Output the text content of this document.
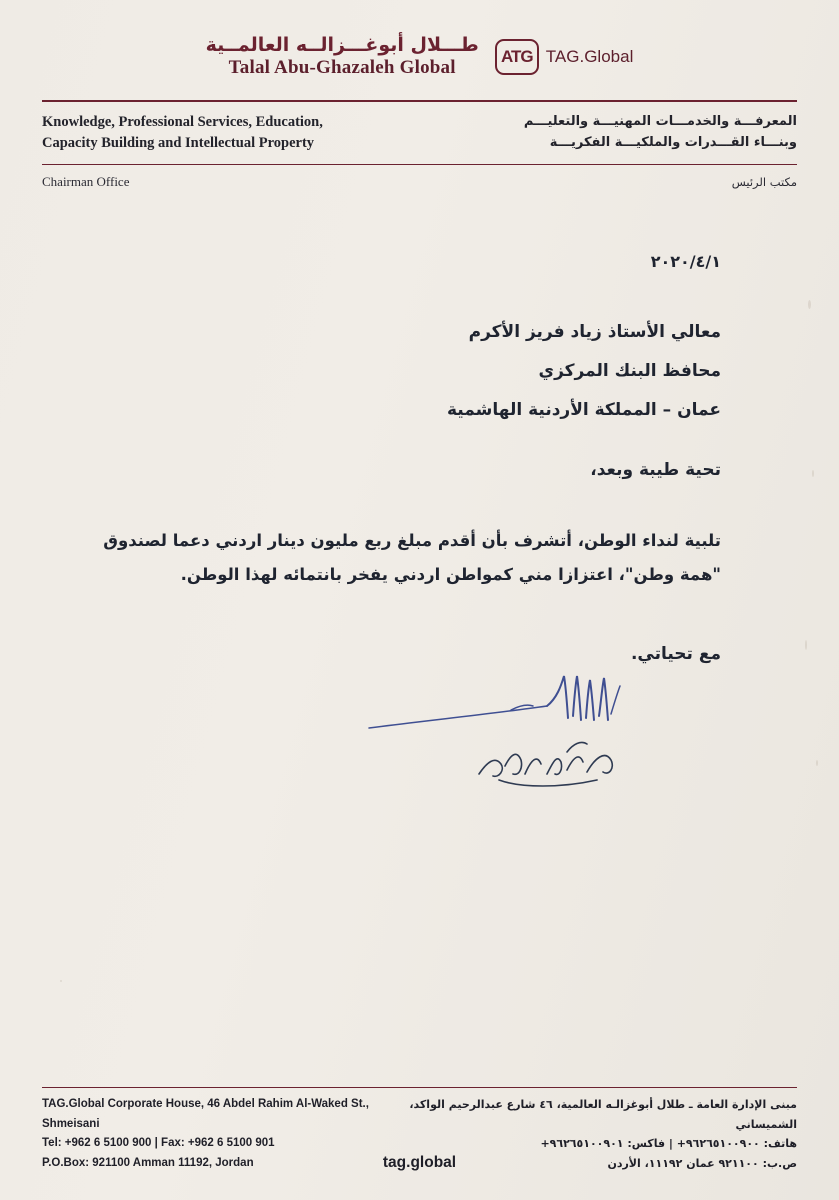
طـــلال أبوغـــزالــه العالمــية
Talal Abu-Ghazaleh Global
ATG TAG.Global
Knowledge, Professional Services, Education,
Capacity Building and Intellectual Property
المعرفـــة والخدمـــات المهنيـــة والتعليـــم
وبنـــاء القـــدرات والملكيـــة الفكريـــة
Chairman Office	مكتب الرئيس
٢٠٢٠/٤/١
معالي الأستاذ زياد فريز الأكرم
محافظ البنك المركزي
عمان – المملكة الأردنية الهاشمية
تحية طيبة وبعد،
تلبية لنداء الوطن، أتشرف بأن أقدم مبلغ ربع مليون دينار اردني دعما لصندوق "همة وطن"، اعتزازا مني كمواطن اردني يفخر بانتمائه لهذا الوطن.
مع تحياتي.
TAG.Global Corporate House, 46 Abdel Rahim Al-Waked St., Shmeisani
Tel: +962 6 5100 900 | Fax: +962 6 5100 901
P.O.Box: 921100 Amman 11192, Jordan
مبنى الإدارة العامة ـ طلال أبوغزالـه العالمية، ٤٦ شارع عبدالرحيم الواكد، الشميساني
هاتف: ٩٦٢٦٥١٠٠٩٠٠+ | فاكس: ٩٦٢٦٥١٠٠٩٠١+
ص.ب: ٩٢١١٠٠ عمان ١١١٩٢، الأردن
tag.global
